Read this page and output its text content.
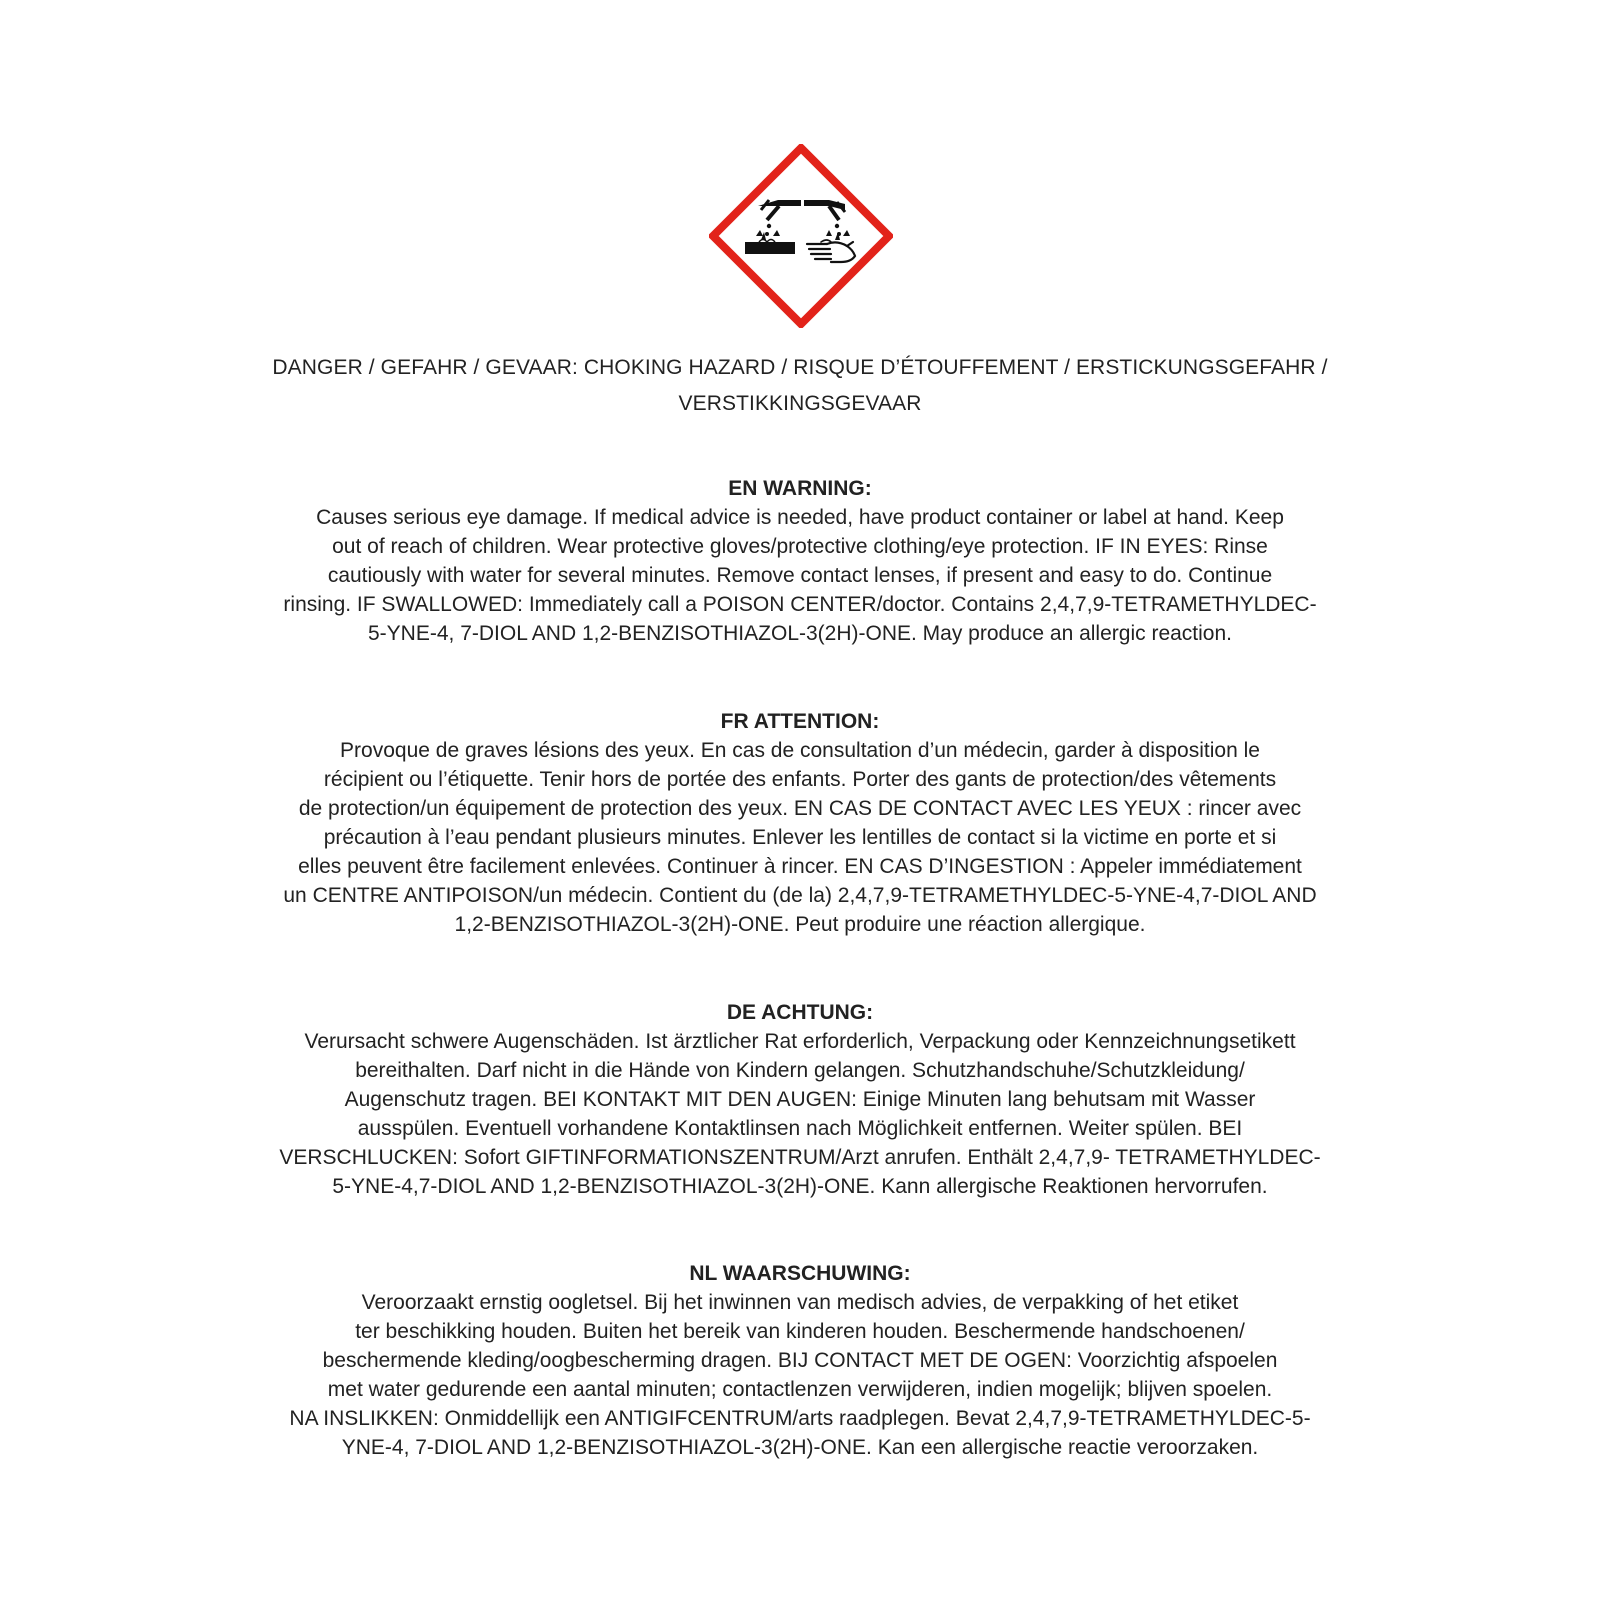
DANGER / GEFAHR / GEVAAR: CHOKING HAZARD / RISQUE D’ÉTOUFFEMENT / ERSTICKUNGSGEFAHR /
VERSTIKKINGSGEVAAR

EN WARNING:

Causes serious eye damage. If medical advice is needed, have product container or label at hand. Keep
out of reach of children. Wear protective gloves/protective clothing/eye protection. IF IN EYES: Rinse
cautiously with water for several minutes. Remove contact lenses, if present and easy to do. Continue
rinsing. IF SWALLOWED: Immediately call a POISON CENTER/doctor. Contains 2,4,7,9-TETRAMETHYLDEC-
5-YNE-4, 7-DIOL AND 1,2-BENZISOTHIAZOL-3(2H)-ONE. May produce an allergic reaction.

FR ATTENTION:

Provoque de graves lésions des yeux. En cas de consultation d’un médecin, garder à disposition le
récipient ou l’étiquette. Tenir hors de portée des enfants. Porter des gants de protection/des vêtements
de protection/un équipement de protection des yeux. EN CAS DE CONTACT AVEC LES YEUX : rincer avec
précaution à l’eau pendant plusieurs minutes. Enlever les lentilles de contact si la victime en porte et si
elles peuvent être facilement enlevées. Continuer à rincer. EN CAS D’INGESTION : Appeler immédiatement
un CENTRE ANTIPOISON/un médecin. Contient du (de la) 2,4,7,9-TETRAMETHYLDEC-5-YNE-4,7-DIOL AND
1,2-BENZISOTHIAZOL-3(2H)-ONE. Peut produire une réaction allergique.

DE ACHTUNG:

Verursacht schwere Augenschäden. Ist ärztlicher Rat erforderlich, Verpackung oder Kennzeichnungsetikett
bereithalten. Darf nicht in die Hände von Kindern gelangen. Schutzhandschuhe/Schutzkleidung/
Augenschutz tragen. BEI KONTAKT MIT DEN AUGEN: Einige Minuten lang behutsam mit Wasser
ausspülen. Eventuell vorhandene Kontaktlinsen nach Möglichkeit entfernen. Weiter spülen. BEI
VERSCHLUCKEN: Sofort GIFTINFORMATIONSZENTRUM/Arzt anrufen. Enthält 2,4,7,9- TETRAMETHYLDEC-
5-YNE-4,7-DIOL AND 1,2-BENZISOTHIAZOL-3(2H)-ONE. Kann allergische Reaktionen hervorrufen.

NL WAARSCHUWING:

Veroorzaakt ernstig oogletsel. Bij het inwinnen van medisch advies, de verpakking of het etiket
ter beschikking houden. Buiten het bereik van kinderen houden. Beschermende handschoenen/
beschermende kleding/oogbescherming dragen. BIJ CONTACT MET DE OGEN: Voorzichtig afspoelen
met water gedurende een aantal minuten; contactlenzen verwijderen, indien mogelijk; blijven spoelen.
NA INSLIKKEN: Onmiddellijk een ANTIGIFCENTRUM/arts raadplegen. Bevat 2,4,7,9-TETRAMETHYLDEC-5-
YNE-4, 7-DIOL AND 1,2-BENZISOTHIAZOL-3(2H)-ONE. Kan een allergische reactie veroorzaken.
